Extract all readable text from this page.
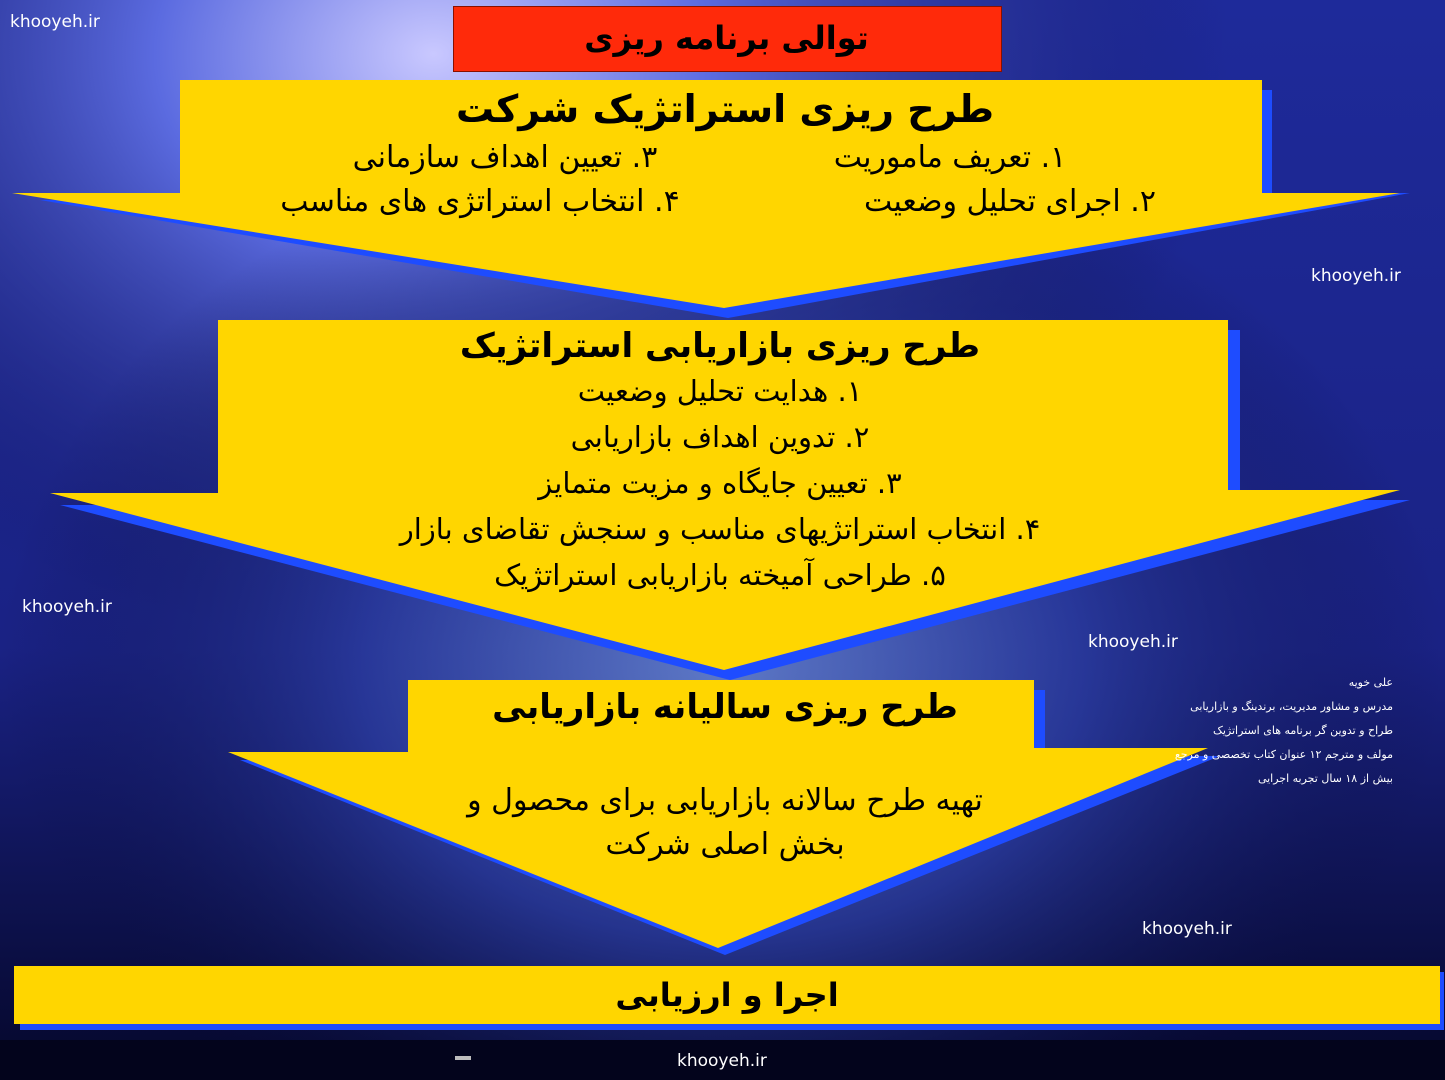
توالی برنامه ریزی
طرح ریزی استراتژیک شرکت
۱. تعریف ماموریت
۲. اجرای تحلیل وضعیت
۳. تعیین اهداف سازمانی
۴. انتخاب استراتژی های مناسب
طرح ریزی بازاریابی استراتژیک
۱. هدایت تحلیل وضعیت
۲. تدوین اهداف بازاریابی
۳. تعیین جایگاه و مزیت متمایز
۴. انتخاب استراتژیهای مناسب و سنجش تقاضای بازار
۵. طراحی آمیخته بازاریابی استراتژیک
طرح ریزی سالیانه بازاریابی
تهیه طرح سالانه بازاریابی برای محصول و
بخش اصلی شرکت
اجرا و ارزیابی
khooyeh.ir
khooyeh.ir
khooyeh.ir
khooyeh.ir
khooyeh.ir
khooyeh.ir
علی خویه
مدرس و مشاور مدیریت، برندینگ و بازاریابی
طراح و تدوین گر برنامه های استراتژیک
مولف و مترجم ۱۲ عنوان کتاب تخصصی و مرجع
بیش از ۱۸ سال تجربه اجرایی
